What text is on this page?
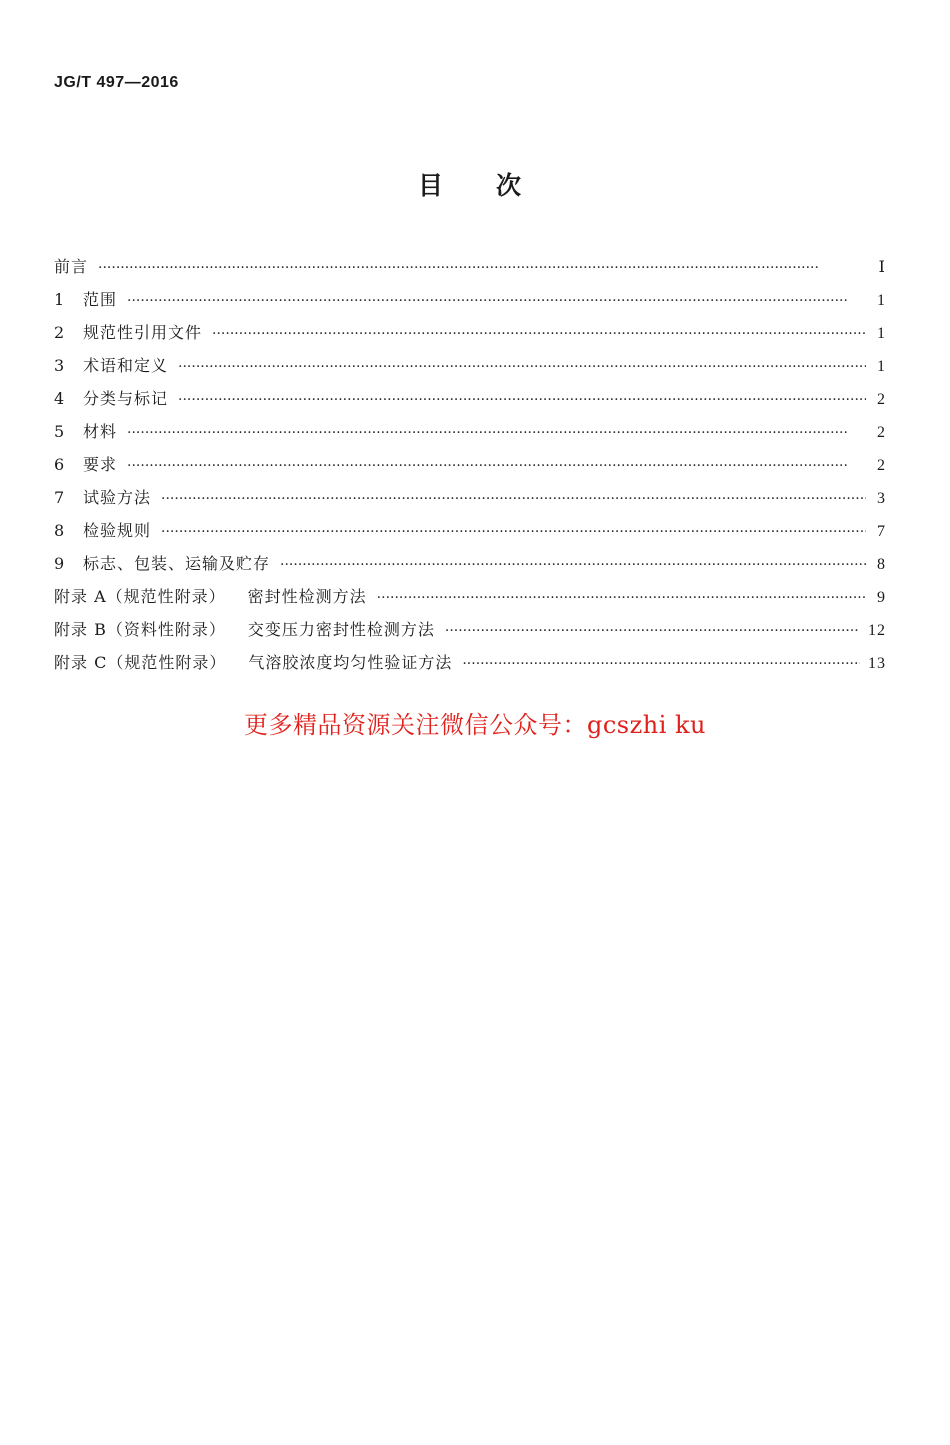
JG/T 497—2016
目　　次
前言 ·····	Ⅰ
1	范围 ·····	1
2	规范性引用文件 ·····	1
3	术语和定义 ·····	1
4	分类与标记 ·····	2
5	材料 ·····	2
6	要求 ·····	2
7	试验方法 ·····	3
8	检验规则 ·····	7
9	标志、包装、运输及贮存 ·····	8
附录 A（规范性附录） 密封性检测方法 ·····	9
附录 B（资料性附录） 交变压力密封性检测方法 ·····	12
附录 C（规范性附录） 气溶胶浓度均匀性验证方法 ·····	13
更多精品资源关注微信公众号：gcszhi ku
